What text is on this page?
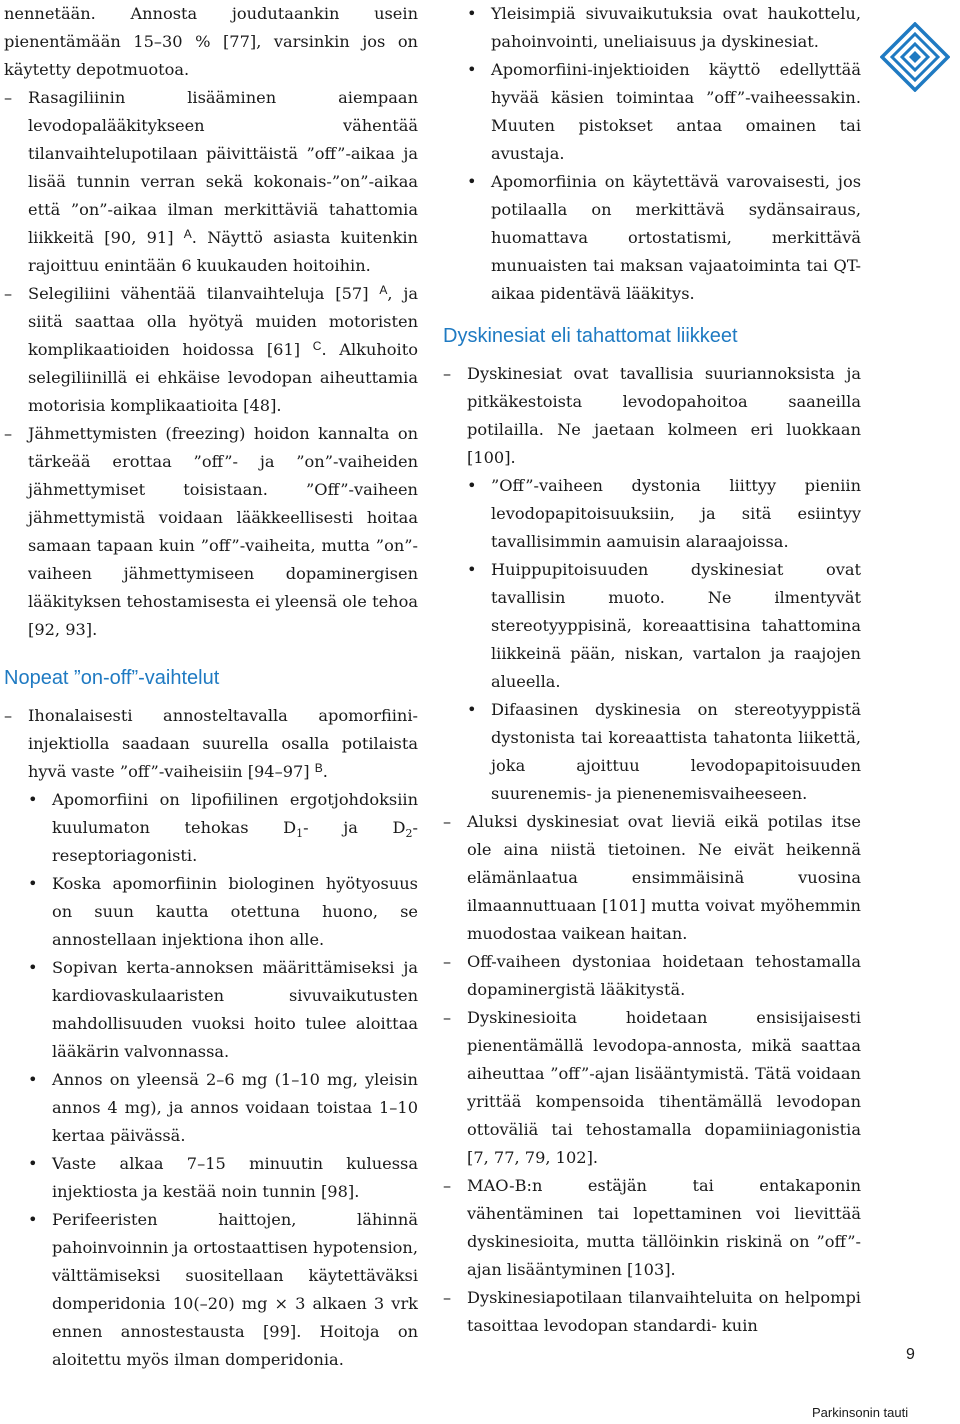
nennetään. Annosta joudutaankin usein pienentämään 15–30 % [77], varsinkin jos on käytetty depotmuotoa.

– Rasagiliinin lisääminen aiempaan levodopalääkitykseen vähentää tilanvaihtelupotilaan päivittäistä ”off”-aikaa ja lisää tunnin verran sekä kokonais-”on”-aikaa että ”on”-aikaa ilman merkittäviä tahattomia liikkeitä [90, 91] $^A$. Näyttö asiasta kuitenkin rajoittuu enintään 6 kuukauden hoitoihin.

– Selegiliini vähentää tilanvaihteluja [57] $^A$, ja siitä saattaa olla hyötyä muiden motoristen komplikaatioiden hoidossa [61] $^C$. Alkuhoito selegiliinillä ei ehkäise levodopan aiheuttamia motorisia komplikaatioita [48].

– Jähmettymisten (freezing) hoidon kannalta on tärkeää erottaa ”off”- ja ”on”-vaiheiden jähmettymiset toisistaan. ”Off”-vaiheen jähmettymistä voidaan lääkkeellisesti hoitaa samaan tapaan kuin ”off”-vaiheita, mutta ”on”-vaiheen jähmettymiseen dopaminergisen lääkityksen tehostamisesta ei yleensä ole tehoa [92, 93].

Nopeat ”on-off”-vaihtelut

– Ihonalaisesti annosteltavalla apomorfiini-injektiolla saadaan suurella osalla potilaista hyvä vaste ”off”-vaiheisiin [94–97] $^B$.

• Apomorfiini on lipofiilinen ergotjohdoksiin kuulumaton tehokas $D_1-$ ja $D_2$-reseptoriagonisti.

• Koska apomorfiinin biologinen hyötyosuus on suun kautta otettuna huono, se annostellaan injektiona ihon alle.

• Sopivan kerta-annoksen määrittämiseksi ja kardiovaskulaaristen sivuvaikutusten mahdollisuuden vuoksi hoito tulee aloittaa lääkärin valvonnassa.

• Annos on yleensä 2–6 mg (1–10 mg, yleisin annos 4 mg), ja annos voidaan toistaa 1–10 kertaa päivässä.

• Vaste alkaa 7–15 minuutin kuluessa injektiosta ja kestää noin tunnin [98].

• Perifeeristen haittojen, lähinnä pahoinvoinnin ja ortostaattisen hypotension, välttämiseksi suositellaan käytettäväksi domperidonia 10(–20) mg × 3 alkaen 3 vrk ennen annostestausta [99]. Hoitoja on aloitettu myös ilman domperidonia.

• Yleisimpiä sivuvaikutuksia ovat haukottelu, pahoinvointi, uneliaisuus ja dyskinesiat.

• Apomorfiini-injektioiden käyttö edellyttää hyvää käsien toimintaa ”off”-vaiheessakin. Muuten pistokset antaa omainen tai avustaja.

• Apomorfiinia on käytettävä varovaisesti, jos potilaalla on merkittävä sydänsairaus, huomattava ortostatismi, merkittävä munuaisten tai maksan vajaatoiminta tai QT-aikaa pidentävä lääkitys.

Dyskinesiat eli tahattomat liikkeet

– Dyskinesiat ovat tavallisia suuriannoksista ja pitkäkestoista levodopahoitoa saaneilla potilailla. Ne jaetaan kolmeen eri luokkaan [100].

• ”Off”-vaiheen dystonia liittyy pieniin levodopapitoisuuksiin, ja sitä esiintyy tavallisimmin aamuisin alaraajoissa.

• Huippupitoisuuden dyskinesiat ovat tavallisin muoto. Ne ilmentyvät stereotyyppisinä, koreaattisina tahattomina liikkeinä pään, niskan, vartalon ja raajojen alueella.

• Difaasinen dyskinesia on stereotyyppistä dystonista tai koreaattista tahatonta liikettä, joka ajoittuu levodopapitoisuuden suurenemis- ja pienenemisvaiheeseen.

– Aluksi dyskinesiat ovat lieviä eikä potilas itse ole aina niistä tietoinen. Ne eivät heikennä elämänlaatua ensimmäisinä vuosina ilmaannuttuaan [101] mutta voivat myöhemmin muodostaa vaikean haitan.

– Off-vaiheen dystoniaa hoidetaan tehostamalla dopaminergistä lääkitystä.

– Dyskinesioita hoidetaan ensisijaisesti pienentämällä levodopa-annosta, mikä saattaa aiheuttaa ”off”-ajan lisääntymistä. Tätä voidaan yrittää kompensoida tihentämällä levodopan ottoväliä tai tehostamalla dopamiiniagonistia [7, 77, 79, 102].

– MAO-B:n estäjän tai entakaponin vähentäminen tai lopettaminen voi lievittää dyskinesioita, mutta tällöinkin riskinä on ”off”-ajan lisääntyminen [103].

– Dyskinesiapotilaan tilanvaihteluita on helpompi tasoittaa levodopan standardi- kuin

9
Parkinsonin tauti
